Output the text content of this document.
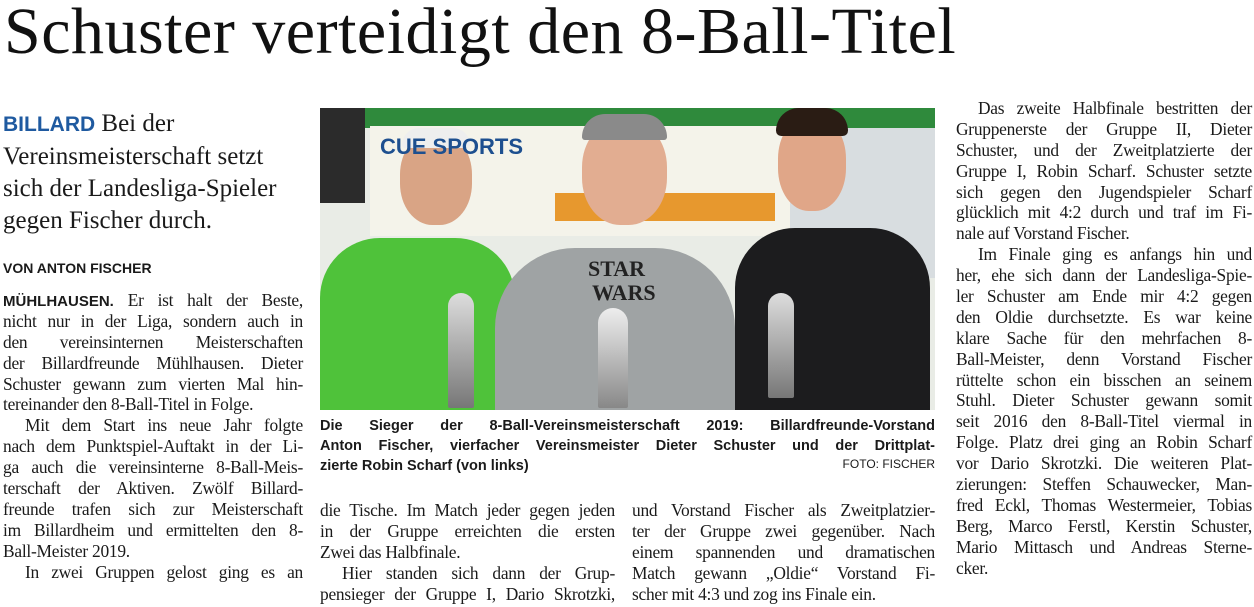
Schuster verteidigt den 8-Ball-Titel
BILLARD Bei der Vereinsmeisterschaft setzt sich der Landesliga-Spieler gegen Fischer durch.
VON ANTON FISCHER	STAR
WARS
CUE SPORTS
Die Sieger der 8-Ball-Vereinsmeisterschaft 2019: Billardfreunde-Vorstand
Anton Fischer, vierfacher Vereinsmeister Dieter Schuster und der Drittplat-
zierte Robin Scharf (von links)	FOTO: FISCHER
MÜHLHAUSEN. Er ist halt der Beste,
nicht nur in der Liga, sondern auch in
den vereinsinternen Meisterschaften
der Billardfreunde Mühlhausen. Dieter
Schuster gewann zum vierten Mal hin-
tereinander den 8-Ball-Titel in Folge.
Mit dem Start ins neue Jahr folgte
nach dem Punktspiel-Auftakt in der Li-
ga auch die vereinsinterne 8-Ball-Meis-
terschaft der Aktiven. Zwölf Billard-
freunde trafen sich zur Meisterschaft
im Billardheim und ermittelten den 8-
Ball-Meister 2019.
In zwei Gruppen gelost ging es an
die Tische. Im Match jeder gegen jeden
in der Gruppe erreichten die ersten
Zwei das Halbfinale.
Hier standen sich dann der Grup-
pensieger der Gruppe I, Dario Skrotzki,
und Vorstand Fischer als Zweitplatzier-
ter der Gruppe zwei gegenüber. Nach
einem spannenden und dramatischen
Match gewann „Oldie“ Vorstand Fi-
scher mit 4:3 und zog ins Finale ein.
Das zweite Halbfinale bestritten der
Gruppenerste der Gruppe II, Dieter
Schuster, und der Zweitplatzierte der
Gruppe I, Robin Scharf. Schuster setzte
sich gegen den Jugendspieler Scharf
glücklich mit 4:2 durch und traf im Fi-
nale auf Vorstand Fischer.
Im Finale ging es anfangs hin und
her, ehe sich dann der Landesliga-Spie-
ler Schuster am Ende mir 4:2 gegen
den Oldie durchsetzte. Es war keine
klare Sache für den mehrfachen 8-
Ball-Meister, denn Vorstand Fischer
rüttelte schon ein bisschen an seinem
Stuhl. Dieter Schuster gewann somit
seit 2016 den 8-Ball-Titel viermal in
Folge. Platz drei ging an Robin Scharf
vor Dario Skrotzki. Die weiteren Plat-
zierungen: Steffen Schauwecker, Man-
fred Eckl, Thomas Westermeier, Tobias
Berg, Marco Ferstl, Kerstin Schuster,
Mario Mittasch und Andreas Sterne-
cker.
